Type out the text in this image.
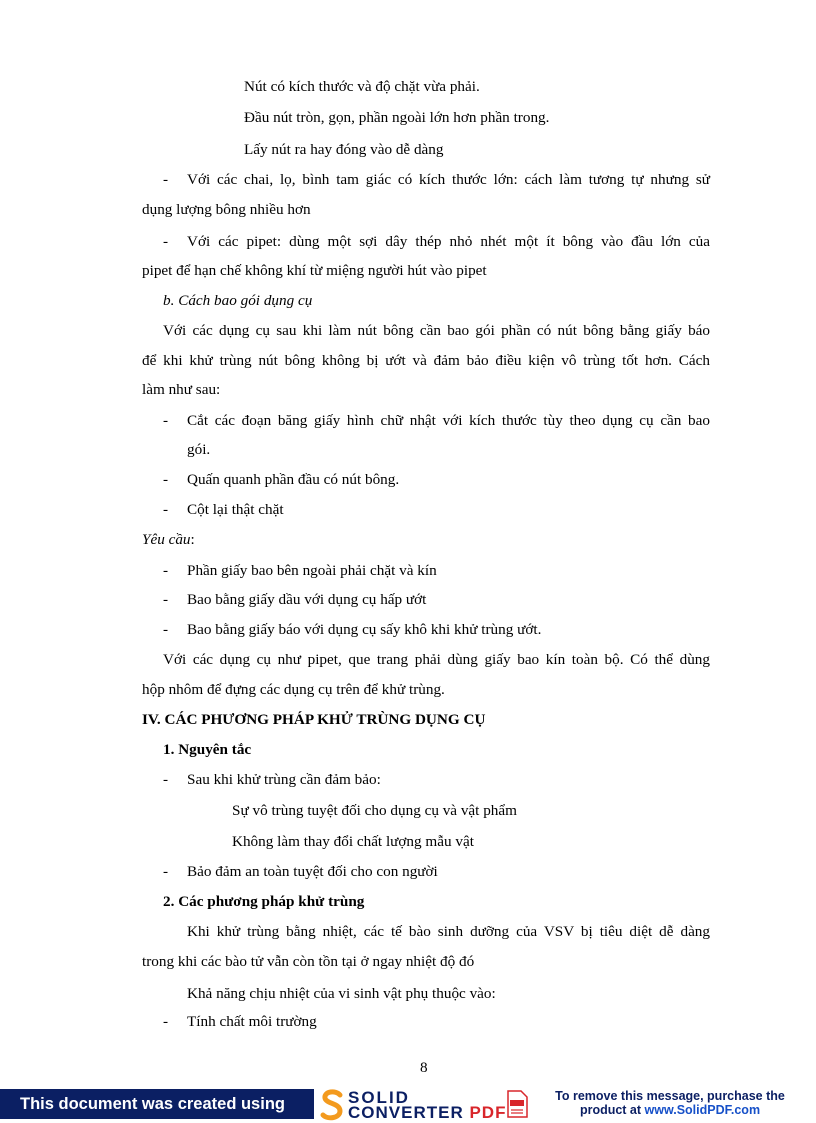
Nút có kích thước và độ chặt vừa phải.
Đầu nút tròn, gọn, phần ngoài lớn hơn phần trong.
Lấy nút ra hay đóng vào dễ dàng
- Với các chai, lọ, bình tam giác có kích thước lớn: cách làm tương tự nhưng sử
dụng lượng bông nhiều hơn
- Với các pipet: dùng một sợi dây thép nhỏ nhét một ít bông vào đầu lớn của
pipet để hạn chế không khí từ miệng người hút vào pipet
b. Cách bao gói dụng cụ
Với các dụng cụ sau khi làm nút bông cần bao gói phần có nút bông bằng giấy báo
để khi khử trùng nút bông không bị ướt và đảm bảo điều kiện vô trùng tốt hơn. Cách
làm như sau:
- Cắt các đoạn băng giấy hình chữ nhật với kích thước tùy theo dụng cụ cần bao
gói.
- Quấn quanh phần đầu có nút bông.
- Cột lại thật chặt
Yêu cầu:
- Phần giấy bao bên ngoài phải chặt và kín
- Bao bằng giấy dầu với dụng cụ hấp ướt
- Bao bằng giấy báo với dụng cụ sấy khô khi khử trùng ướt.
Với các dụng cụ như pipet, que trang phải dùng giấy bao kín toàn bộ. Có thể dùng
hộp nhôm để đựng các dụng cụ trên để khử trùng.
IV. CÁC PHƯƠNG PHÁP KHỬ TRÙNG DỤNG CỤ
1. Nguyên tắc
- Sau khi khử trùng cần đảm bảo:
Sự vô trùng tuyệt đối cho dụng cụ và vật phẩm
Không làm thay đổi chất lượng mẫu vật
- Bảo đảm an toàn tuyệt đối cho con người
2. Các phương pháp khử trùng
Khi khử trùng bằng nhiệt, các tế bào sinh dưỡng của VSV bị tiêu diệt dễ dàng
trong khi các bào tử vẫn còn tồn tại ở ngay nhiệt độ đó
Khả năng chịu nhiệt của vi sinh vật phụ thuộc vào:
- Tính chất môi trường
8
This document was created using	SOLID
CONVERTER PDF
To remove this message, purchase the
product at www.SolidPDF.com
